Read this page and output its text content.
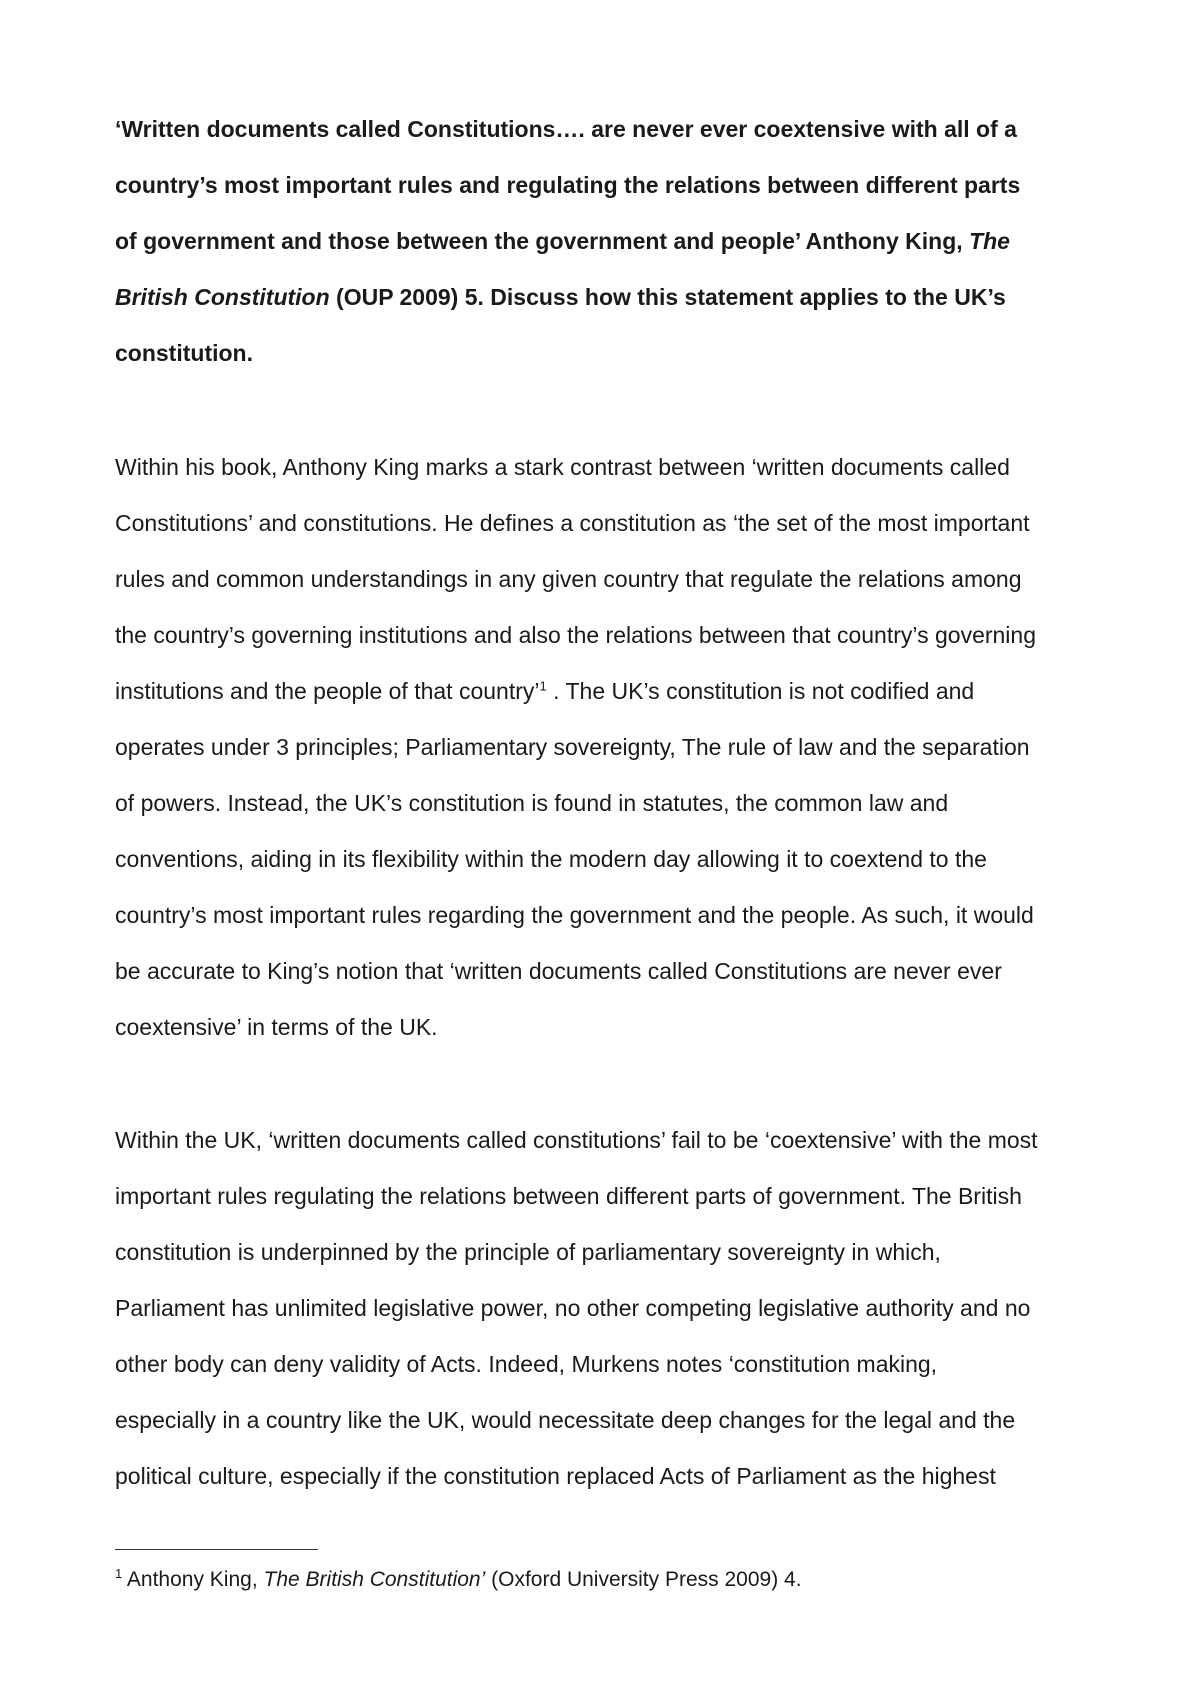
‘Written documents called Constitutions…. are never ever coextensive with all of a
country’s most important rules and regulating the relations between different parts
of government and those between the government and people’ Anthony King, The
British Constitution (OUP 2009) 5. Discuss how this statement applies to the UK’s
constitution.

Within his book, Anthony King marks a stark contrast between ‘written documents called
Constitutions’ and constitutions. He defines a constitution as ‘the set of the most important
rules and common understandings in any given country that regulate the relations among
the country’s governing institutions and also the relations between that country’s governing
institutions and the people of that country’$^1$ . The UK’s constitution is not codified and
operates under 3 principles; Parliamentary sovereignty, The rule of law and the separation
of powers. Instead, the UK’s constitution is found in statutes, the common law and
conventions, aiding in its flexibility within the modern day allowing it to coextend to the
country’s most important rules regarding the government and the people. As such, it would
be accurate to King’s notion that ‘written documents called Constitutions are never ever
coextensive’ in terms of the UK.

Within the UK, ‘written documents called constitutions’ fail to be ‘coextensive’ with the most
important rules regulating the relations between different parts of government. The British
constitution is underpinned by the principle of parliamentary sovereignty in which,
Parliament has unlimited legislative power, no other competing legislative authority and no
other body can deny validity of Acts. Indeed, Murkens notes ‘constitution making,
especially in a country like the UK, would necessitate deep changes for the legal and the
political culture, especially if the constitution replaced Acts of Parliament as the highest

$^1$ Anthony King, The British Constitution’ (Oxford University Press 2009) 4.
